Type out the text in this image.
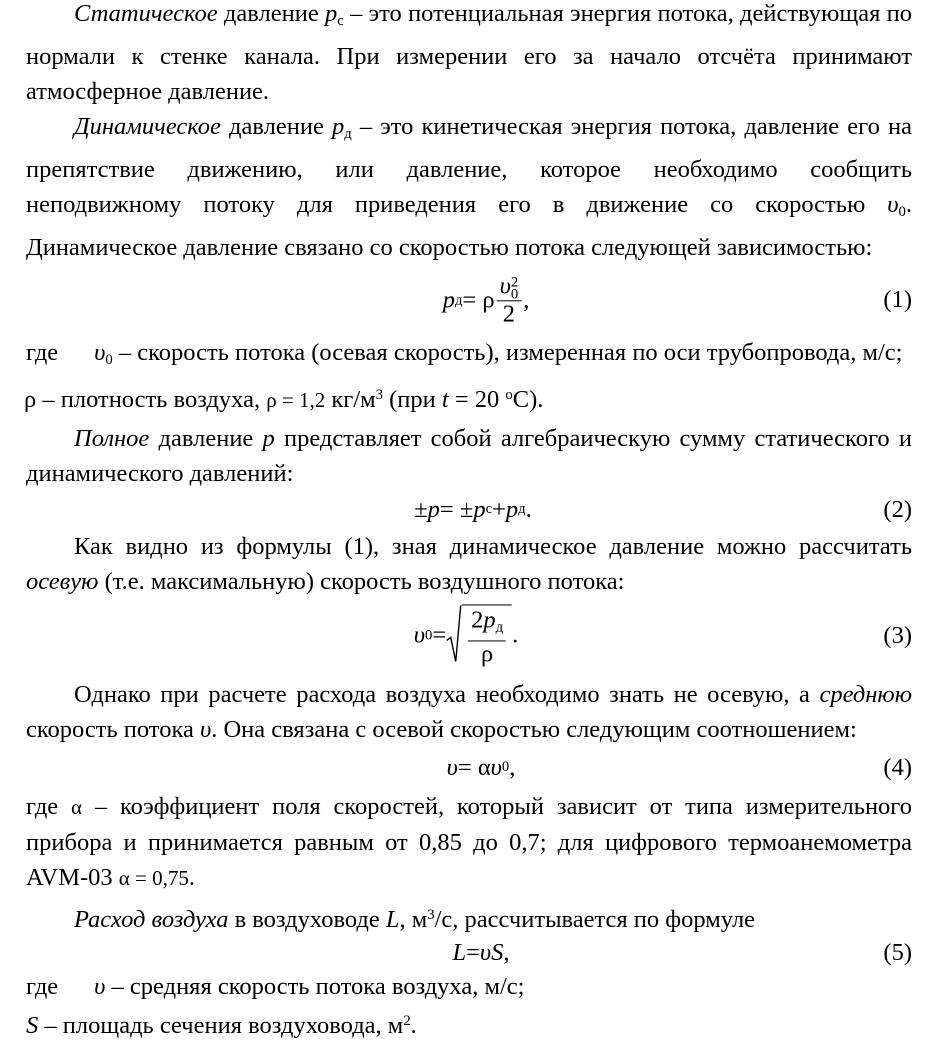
Статическое давление $p_с$ – это потенциальная энергия потока, действующая по нормали к стенке канала. При измерении его за начало отсчёта принимают атмосферное давление.

Динамическое давление $p_д$ – это кинетическая энергия потока, давление его на препятствие движению, или давление, которое необходимо сообщить неподвижному потоку для приведения его в движение со скоростью $\upsilon_0$. Динамическое давление связано со скоростью потока следующей зависимостью:

p д = ρ υ 2
0
2 ,	(1)

где $\upsilon_0$ – скорость потока (осевая скорость), измеренная по оси трубопровода, м/с;

ρ – плотность воздуха, ρ = 1,2 $кг/м^3$ (при t = 20 $^о$С).

Полное давление p представляет собой алгебраическую сумму статического и динамического давлений:

± p = ± p с + p д .	(2)

Как видно из формулы (1), зная динамическое давление можно рассчитать осевую (т.е. максимальную) скорость воздушного потока:

υ $0 = \frac{2p_д}{\rho}$ .	(3)

Однако при расчете расхода воздуха необходимо знать не осевую, а среднюю скорость потока υ. Она связана с осевой скоростью следующим соотношением:

υ = α υ 0 ,	(4)

где α – коэффициент поля скоростей, который зависит от типа измерительного прибора и принимается равным от 0,85 до 0,7; для цифрового термоанемометра AVM-03 α = 0,75.

Расход воздуха в воздуховоде L, $м^3/с$, рассчитывается по формуле

L = υ S ,	(5)

где υ – средняя скорость потока воздуха, м/с;

S – площадь сечения воздуховода, $м^2$.
